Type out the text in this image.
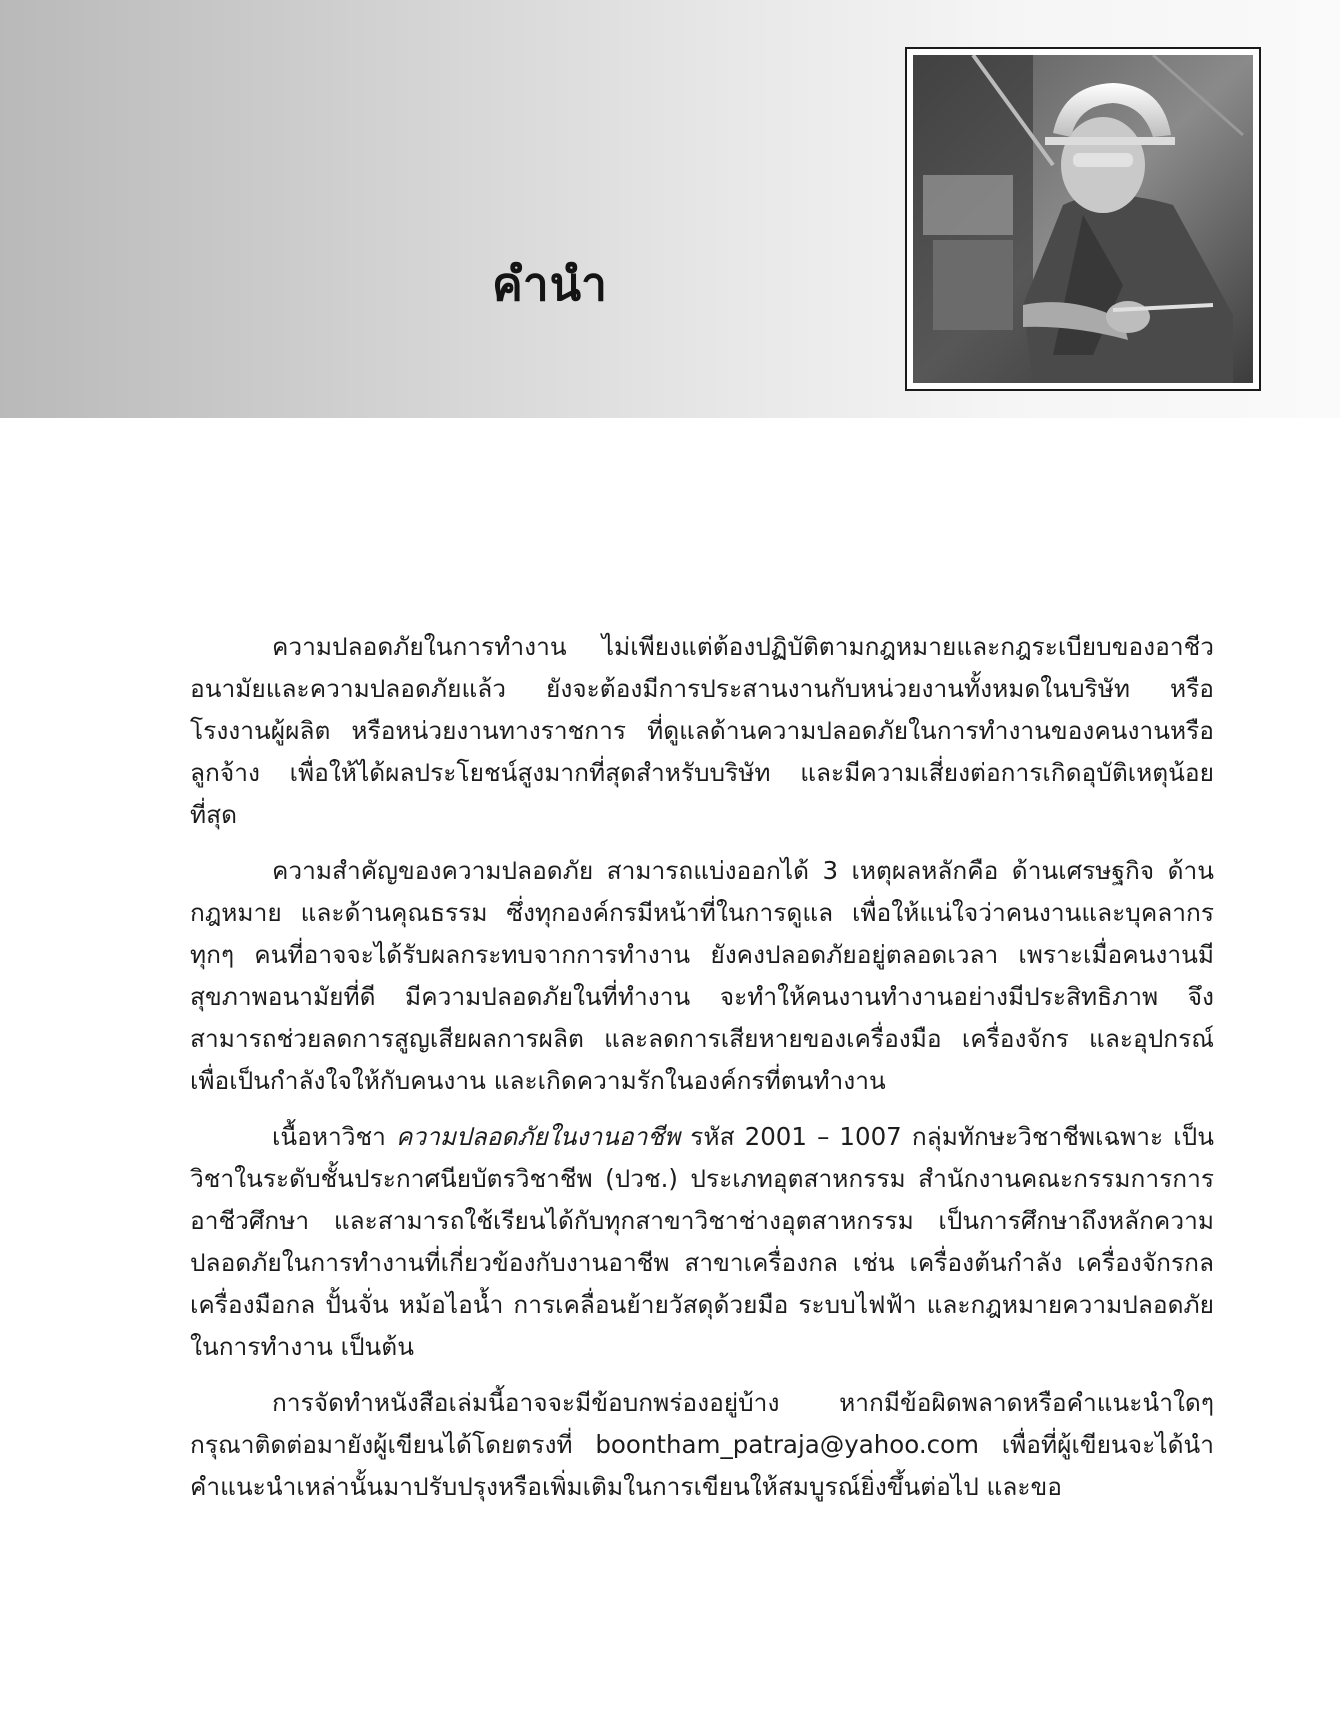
คำนำ

ความปลอดภัยในการทำงาน ไม่เพียงแต่ต้องปฏิบัติตามกฎหมายและกฎระเบียบของอาชีวอนามัยและความปลอดภัยแล้ว ยังจะต้องมีการประสานงานกับหน่วยงานทั้งหมดในบริษัท หรือโรงงานผู้ผลิต หรือหน่วยงานทางราชการ ที่ดูแลด้านความปลอดภัยในการทำงานของคนงานหรือลูกจ้าง เพื่อให้ได้ผลประโยชน์สูงมากที่สุดสำหรับบริษัท และมีความเสี่ยงต่อการเกิดอุบัติเหตุน้อยที่สุด

ความสำคัญของความปลอดภัย สามารถแบ่งออกได้ 3 เหตุผลหลักคือ ด้านเศรษฐกิจ ด้านกฎหมาย และด้านคุณธรรม ซึ่งทุกองค์กรมีหน้าที่ในการดูแล เพื่อให้แน่ใจว่าคนงานและบุคลากรทุกๆ คนที่อาจจะได้รับผลกระทบจากการทำงาน ยังคงปลอดภัยอยู่ตลอดเวลา เพราะเมื่อคนงานมีสุขภาพอนามัยที่ดี มีความปลอดภัยในที่ทำงาน จะทำให้คนงานทำงานอย่างมีประสิทธิภาพ จึงสามารถช่วยลดการสูญเสียผลการผลิต และลดการเสียหายของเครื่องมือ เครื่องจักร และอุปกรณ์ เพื่อเป็นกำลังใจให้กับคนงาน และเกิดความรักในองค์กรที่ตนทำงาน

เนื้อหาวิชา ความปลอดภัยในงานอาชีพ รหัส 2001 – 1007 กลุ่มทักษะวิชาชีพเฉพาะ เป็นวิชาในระดับชั้นประกาศนียบัตรวิชาชีพ (ปวช.) ประเภทอุตสาหกรรม สำนักงานคณะกรรมการการอาชีวศึกษา และสามารถใช้เรียนได้กับทุกสาขาวิชาช่างอุตสาหกรรม เป็นการศึกษาถึงหลักความปลอดภัยในการทำงานที่เกี่ยวข้องกับงานอาชีพ สาขาเครื่องกล เช่น เครื่องต้นกำลัง เครื่องจักรกล เครื่องมือกล ปั้นจั่น หม้อไอน้ำ การเคลื่อนย้ายวัสดุด้วยมือ ระบบไฟฟ้า และกฎหมายความปลอดภัยในการทำงาน เป็นต้น

การจัดทำหนังสือเล่มนี้อาจจะมีข้อบกพร่องอยู่บ้าง หากมีข้อผิดพลาดหรือคำแนะนำใดๆ กรุณาติดต่อมายังผู้เขียนได้โดยตรงที่ boontham_patraja@yahoo.com เพื่อที่ผู้เขียนจะได้นำคำแนะนำเหล่านั้นมาปรับปรุงหรือเพิ่มเติมในการเขียนให้สมบูรณ์ยิ่งขึ้นต่อไป และขอ
